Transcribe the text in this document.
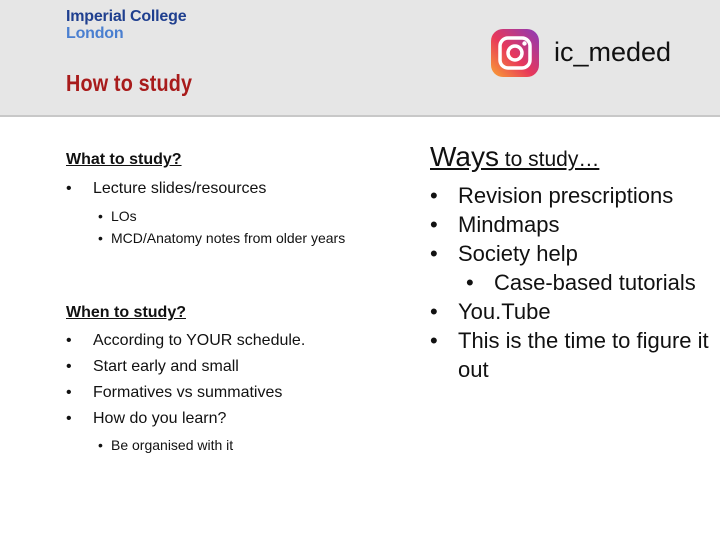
Imperial College
London
How to study
ic_meded

What to study?

• Lecture slides/resources
• LOs
• MCD/Anatomy notes from older years

When to study?

• According to YOUR schedule.
• Start early and small
• Formatives vs summatives
• How do you learn?
• Be organised with it
Ways to study…
• Revision prescriptions
• Mindmaps
• Society help
• Case-based tutorials
• You.Tube
• This is the time to figure it out
